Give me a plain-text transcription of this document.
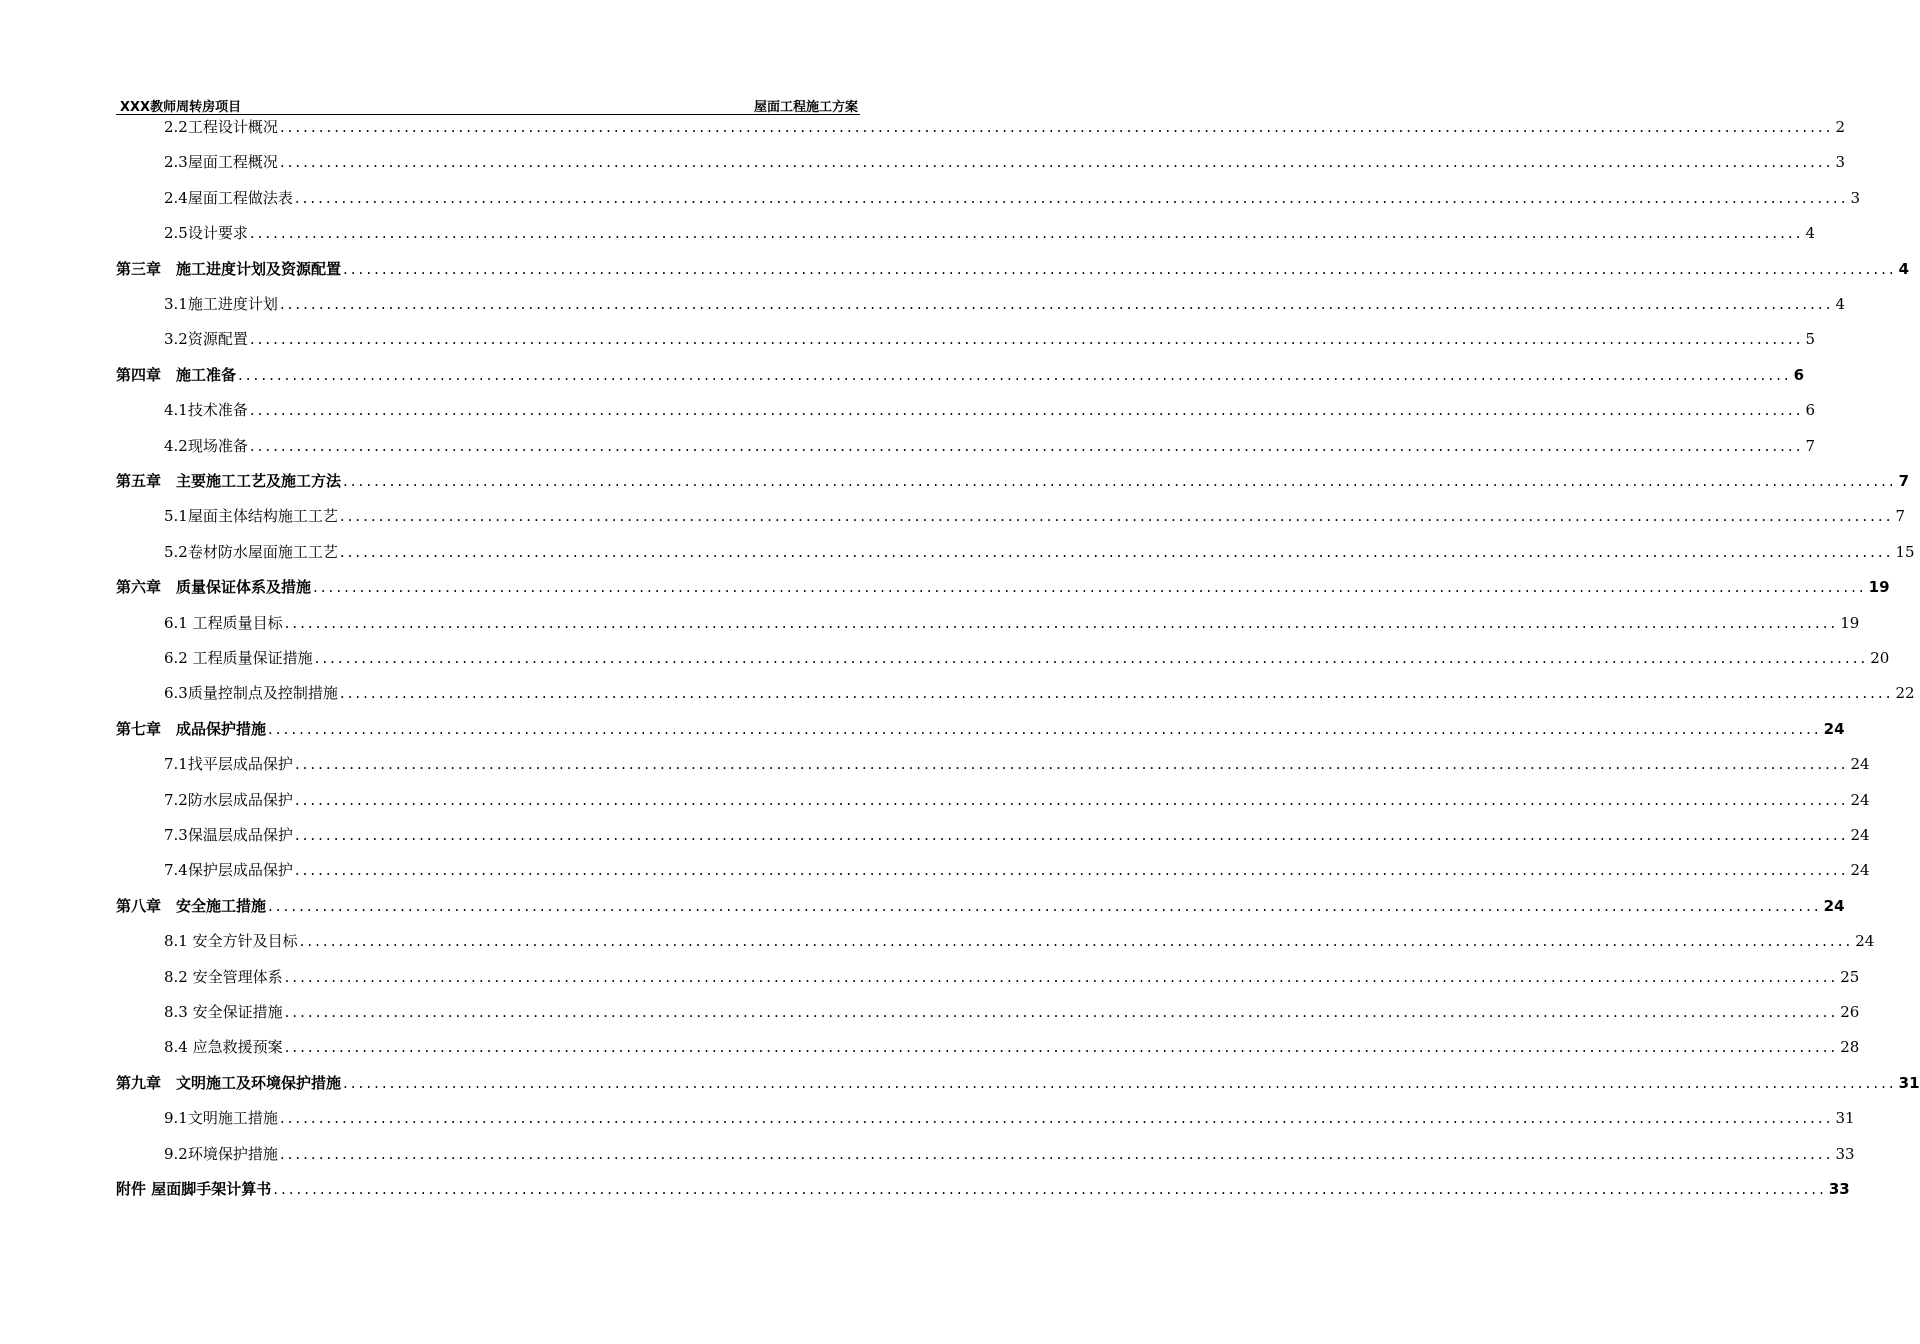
XXX教师周转房项目	屋面工程施工方案
2.2工程设计概况 ........................................................................................................................................................................................................ 2
2.3屋面工程概况 ........................................................................................................................................................................................................ 3
2.4屋面工程做法表 ........................................................................................................................................................................................................ 3
2.5设计要求 ........................................................................................................................................................................................................ 4
第三章　施工进度计划及资源配置 ........................................................................................................................................................................................................ 4
3.1施工进度计划 ........................................................................................................................................................................................................ 4
3.2资源配置 ........................................................................................................................................................................................................ 5
第四章　施工准备 ........................................................................................................................................................................................................ 6
4.1技术准备 ........................................................................................................................................................................................................ 6
4.2现场准备 ........................................................................................................................................................................................................ 7
第五章　主要施工工艺及施工方法 ........................................................................................................................................................................................................ 7
5.1屋面主体结构施工工艺 ........................................................................................................................................................................................................ 7
5.2卷材防水屋面施工工艺 ........................................................................................................................................................................................................ 15
第六章　质量保证体系及措施 ........................................................................................................................................................................................................ 19
6.1 工程质量目标 ........................................................................................................................................................................................................ 19
6.2 工程质量保证措施 ........................................................................................................................................................................................................ 20
6.3质量控制点及控制措施 ........................................................................................................................................................................................................ 22
第七章　成品保护措施 ........................................................................................................................................................................................................ 24
7.1找平层成品保护 ........................................................................................................................................................................................................ 24
7.2防水层成品保护 ........................................................................................................................................................................................................ 24
7.3保温层成品保护 ........................................................................................................................................................................................................ 24
7.4保护层成品保护 ........................................................................................................................................................................................................ 24
第八章　安全施工措施 ........................................................................................................................................................................................................ 24
8.1 安全方针及目标 ........................................................................................................................................................................................................ 24
8.2 安全管理体系 ........................................................................................................................................................................................................ 25
8.3 安全保证措施 ........................................................................................................................................................................................................ 26
8.4 应急救援预案 ........................................................................................................................................................................................................ 28
第九章　文明施工及环境保护措施 ........................................................................................................................................................................................................ 31
9.1文明施工措施 ........................................................................................................................................................................................................ 31
9.2环境保护措施 ........................................................................................................................................................................................................ 33
附件 屋面脚手架计算书 ........................................................................................................................................................................................................ 33
